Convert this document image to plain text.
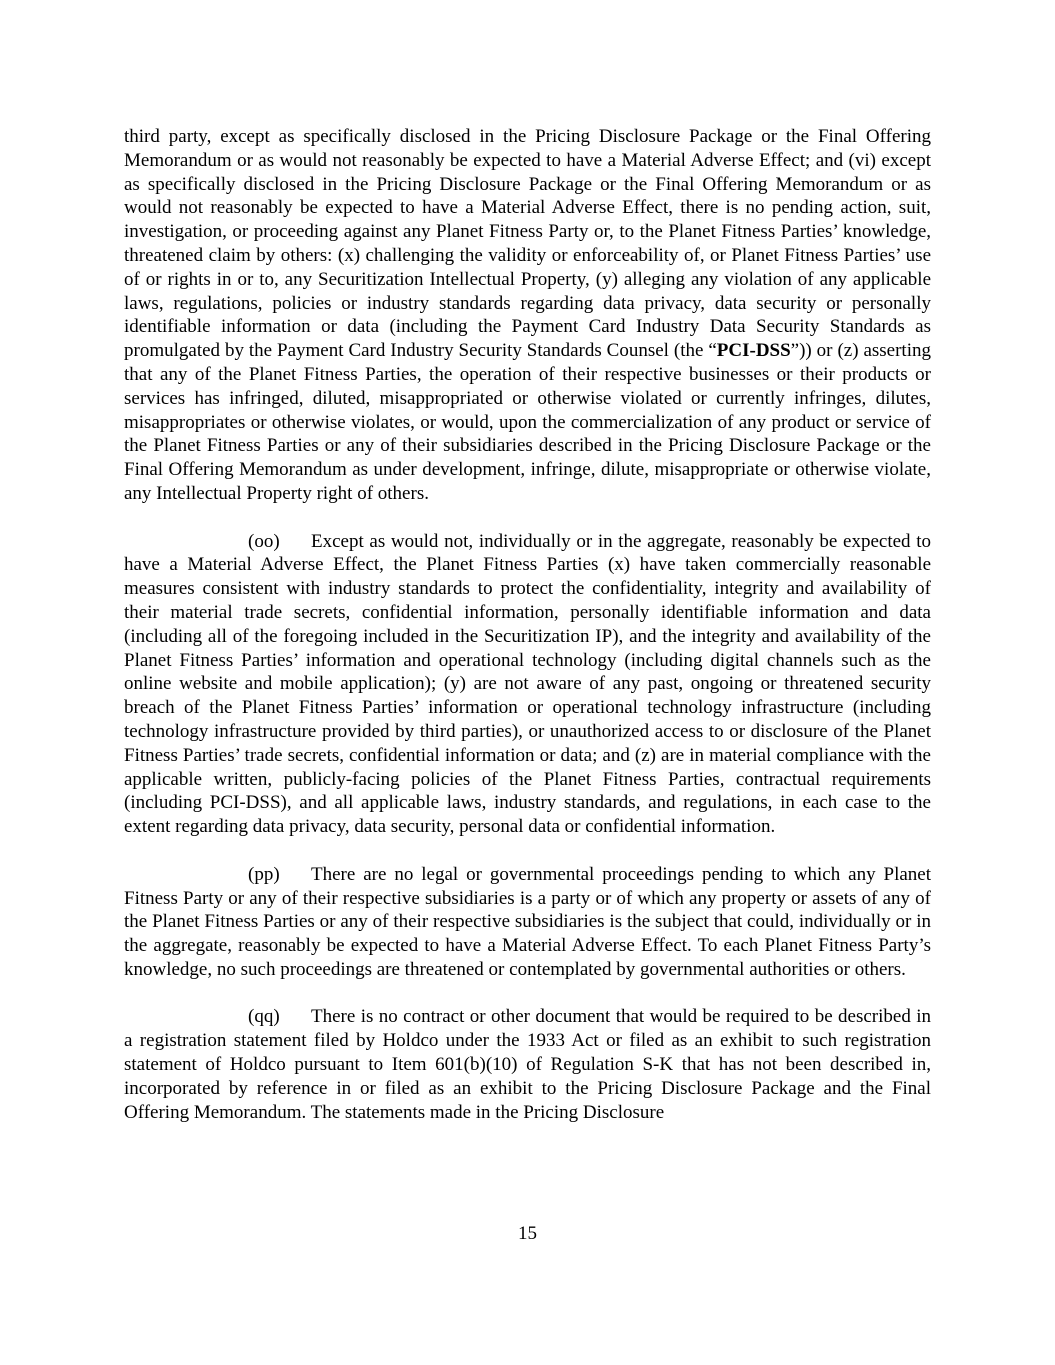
third party, except as specifically disclosed in the Pricing Disclosure Package or the Final Offering Memorandum or as would not reasonably be expected to have a Material Adverse Effect; and (vi) except as specifically disclosed in the Pricing Disclosure Package or the Final Offering Memorandum or as would not reasonably be expected to have a Material Adverse Effect, there is no pending action, suit, investigation, or proceeding against any Planet Fitness Party or, to the Planet Fitness Parties’ knowledge, threatened claim by others: (x) challenging the validity or enforceability of, or Planet Fitness Parties’ use of or rights in or to, any Securitization Intellectual Property, (y) alleging any violation of any applicable laws, regulations, policies or industry standards regarding data privacy, data security or personally identifiable information or data (including the Payment Card Industry Data Security Standards as promulgated by the Payment Card Industry Security Standards Counsel (the “PCI-DSS”)) or (z) asserting that any of the Planet Fitness Parties, the operation of their respective businesses or their products or services has infringed, diluted, misappropriated or otherwise violated or currently infringes, dilutes, misappropriates or otherwise violates, or would, upon the commercialization of any product or service of the Planet Fitness Parties or any of their subsidiaries described in the Pricing Disclosure Package or the Final Offering Memorandum as under development, infringe, dilute, misappropriate or otherwise violate, any Intellectual Property right of others.

(oo) Except as would not, individually or in the aggregate, reasonably be expected to have a Material Adverse Effect, the Planet Fitness Parties (x) have taken commercially reasonable measures consistent with industry standards to protect the confidentiality, integrity and availability of their material trade secrets, confidential information, personally identifiable information and data (including all of the foregoing included in the Securitization IP), and the integrity and availability of the Planet Fitness Parties’ information and operational technology (including digital channels such as the online website and mobile application); (y) are not aware of any past, ongoing or threatened security breach of the Planet Fitness Parties’ information or operational technology infrastructure (including technology infrastructure provided by third parties), or unauthorized access to or disclosure of the Planet Fitness Parties’ trade secrets, confidential information or data; and (z) are in material compliance with the applicable written, publicly-facing policies of the Planet Fitness Parties, contractual requirements (including PCI-DSS), and all applicable laws, industry standards, and regulations, in each case to the extent regarding data privacy, data security, personal data or confidential information.

(pp) There are no legal or governmental proceedings pending to which any Planet Fitness Party or any of their respective subsidiaries is a party or of which any property or assets of any of the Planet Fitness Parties or any of their respective subsidiaries is the subject that could, individually or in the aggregate, reasonably be expected to have a Material Adverse Effect. To each Planet Fitness Party’s knowledge, no such proceedings are threatened or contemplated by governmental authorities or others.

(qq) There is no contract or other document that would be required to be described in a registration statement filed by Holdco under the 1933 Act or filed as an exhibit to such registration statement of Holdco pursuant to Item 601(b)(10) of Regulation S-K that has not been described in, incorporated by reference in or filed as an exhibit to the Pricing Disclosure Package and the Final Offering Memorandum. The statements made in the Pricing Disclosure

15
